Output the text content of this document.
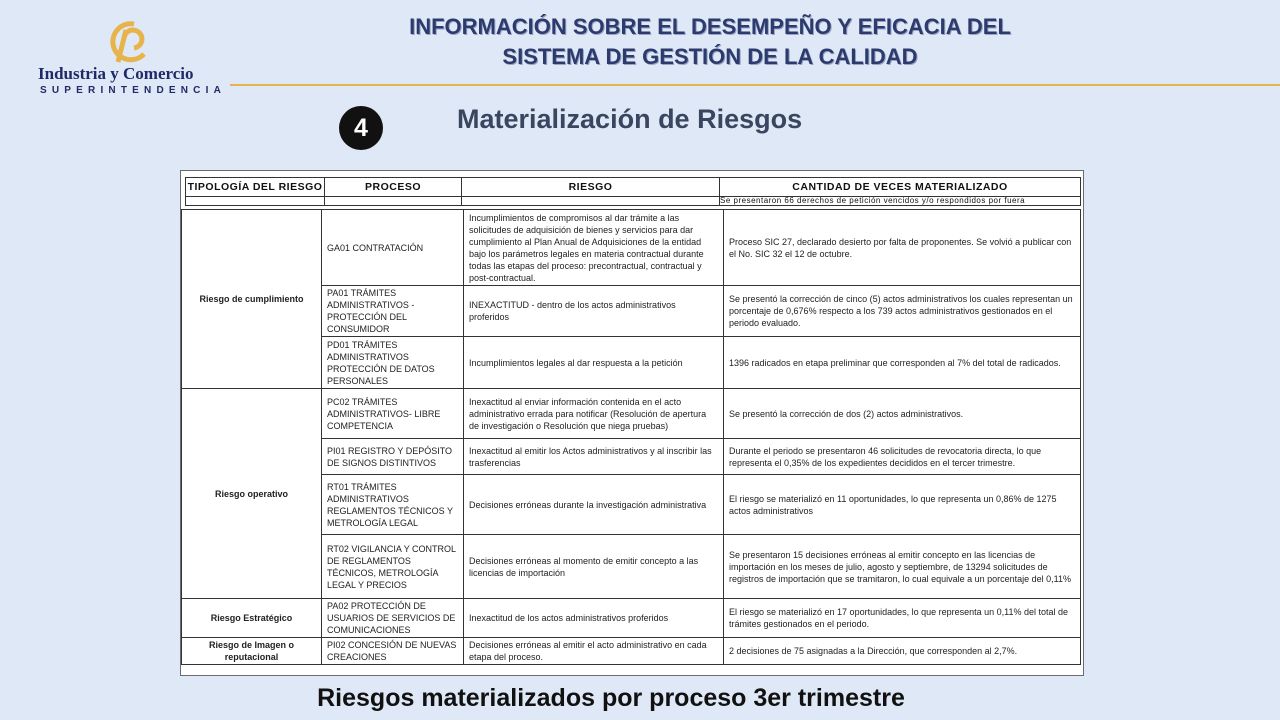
Industria y Comercio
SUPERINTENDENCIA
INFORMACIÓN SOBRE EL DESEMPEÑO Y EFICACIA DEL
SISTEMA DE GESTIÓN DE LA CALIDAD
4	Materialización de Riesgos
TIPOLOGÍA DEL RIESGO	PROCESO	RIESGO	CANTIDAD DE VECES MATERIALIZADO
			Se presentaron 66 derechos de petición vencidos y/o respondidos por fuera
Riesgo de cumplimiento	GA01 CONTRATACIÓN	Incumplimientos de compromisos al dar trámite a las solicitudes de adquisición de bienes y servicios para dar cumplimiento al Plan Anual de Adquisiciones de la entidad bajo los parámetros legales en materia contractual durante todas las etapas del proceso: precontractual, contractual y post-contractual.	Proceso SIC 27, declarado desierto por falta de proponentes. Se volvió a publicar con el No. SIC 32 el 12 de octubre.
	PA01 TRÁMITES ADMINISTRATIVOS - PROTECCIÓN DEL CONSUMIDOR	INEXACTITUD - dentro de los actos administrativos proferidos	Se presentó la corrección de cinco (5) actos administrativos los cuales representan un porcentaje de 0,676% respecto a los 739 actos administrativos gestionados en el periodo evaluado.
	PD01 TRÁMITES ADMINISTRATIVOS PROTECCIÓN DE DATOS PERSONALES	Incumplimientos legales al dar respuesta a la petición	1396 radicados en etapa preliminar que corresponden al 7% del total de radicados.
Riesgo operativo	PC02 TRÁMITES ADMINISTRATIVOS- LIBRE COMPETENCIA	Inexactitud al enviar información contenida en el acto administrativo errada para notificar (Resolución de apertura de investigación o Resolución que niega pruebas)	Se presentó la corrección de dos (2) actos administrativos.
	PI01 REGISTRO Y DEPÓSITO DE SIGNOS DISTINTIVOS	Inexactitud al emitir los Actos administrativos y al inscribir las trasferencias	Durante el periodo se presentaron 46 solicitudes de revocatoria directa, lo que representa el 0,35% de los expedientes decididos en el tercer trimestre.
	RT01 TRÁMITES ADMINISTRATIVOS REGLAMENTOS TÉCNICOS Y METROLOGÍA LEGAL	Decisiones erróneas durante la investigación administrativa	El riesgo se materializó en 11 oportunidades, lo que representa un 0,86% de 1275 actos administrativos
	RT02 VIGILANCIA Y CONTROL DE REGLAMENTOS TÉCNICOS, METROLOGÍA LEGAL Y PRECIOS	Decisiones erróneas al momento de emitir concepto a las licencias de importación	Se presentaron 15 decisiones erróneas al emitir concepto en las licencias de importación en los meses de julio, agosto y septiembre, de 13294 solicitudes de registros de importación que se tramitaron, lo cual equivale a un porcentaje del 0,11%
Riesgo Estratégico	PA02 PROTECCIÓN DE USUARIOS DE SERVICIOS DE COMUNICACIONES	Inexactitud de los actos administrativos proferidos	El riesgo se materializó en 17 oportunidades, lo que representa un 0,11% del total de trámites gestionados en el periodo.
Riesgo de Imagen o reputacional	PI02 CONCESIÓN DE NUEVAS CREACIONES	Decisiones erróneas al emitir el acto administrativo en cada etapa del proceso.	2 decisiones de 75 asignadas a la Dirección, que corresponden al 2,7%.
Riesgos materializados por proceso 3er trimestre
